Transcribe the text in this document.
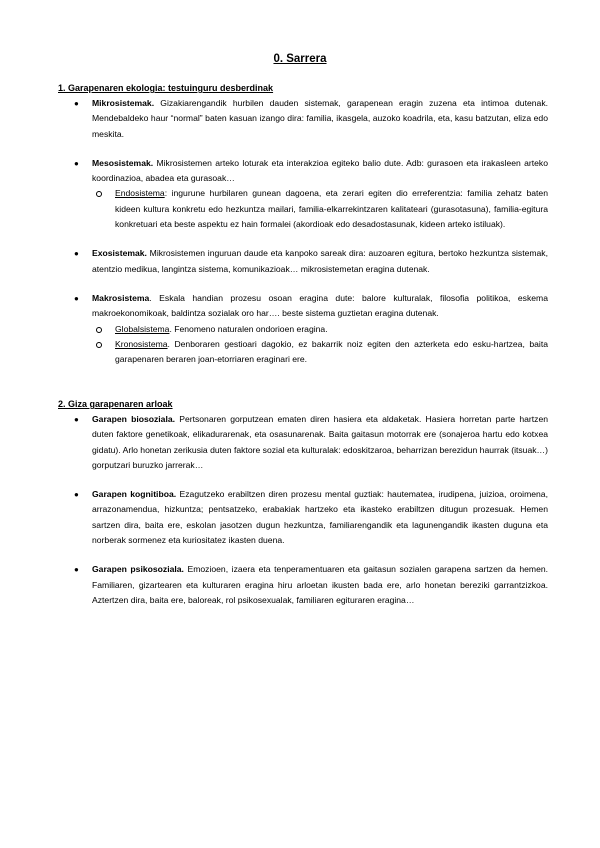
0. Sarrera

1. Garapenaren ekologia: testuinguru desberdinak

● Mikrosistemak. Gizakiarengandik hurbilen dauden sistemak, garapenean eragin zuzena eta intimoa dutenak. Mendebaldeko haur “normal” baten kasuan izango dira: familia, ikasgela, auzoko koadrila, eta, kasu batzutan, eliza edo meskita.
● Mesosistemak. Mikrosistemen arteko loturak eta interakzioa egiteko balio dute. Adb: gurasoen eta irakasleen arteko koordinazioa, abadea eta gurasoak…
Endosistema: ingurune hurbilaren gunean dagoena, eta zerari egiten dio erreferentzia: familia zehatz baten kideen kultura konkretu edo hezkuntza mailari, familia-elkarrekintzaren kalitateari (gurasotasuna), familia-egitura konkretuari eta beste aspektu ez hain formalei (akordioak edo desadostasunak, kideen arteko istiluak).
● Exosistemak. Mikrosistemen inguruan daude eta kanpoko sareak dira: auzoaren egitura, bertoko hezkuntza sistemak, atentzio medikua, langintza sistema, komunikazioak… mikrosistemetan eragina dutenak.
● Makrosistema. Eskala handian prozesu osoan eragina dute: balore kulturalak, filosofia politikoa, eskema makroekonomikoak, baldintza sozialak oro har…. beste sistema guztietan eragina dutenak.
Globalsistema. Fenomeno naturalen ondorioen eragina.
Kronosistema. Denboraren gestioari dagokio, ez bakarrik noiz egiten den azterketa edo esku-hartzea, baita garapenaren beraren joan-etorriaren eraginari ere.

2. Giza garapenaren arloak

● Garapen biosoziala. Pertsonaren gorputzean ematen diren hasiera eta aldaketak. Hasiera horretan parte hartzen duten faktore genetikoak, elikadurarenak, eta osasunarenak. Baita gaitasun motorrak ere (sonajeroa hartu edo kotxea gidatu). Arlo honetan zerikusia duten faktore sozial eta kulturalak: edoskitzaroa, beharrizan berezidun haurrak (itsuak…) gorputzari buruzko jarrerak…
● Garapen kognitiboa. Ezagutzeko erabiltzen diren prozesu mental guztiak: hautematea, irudipena, juizioa, oroimena, arrazonamendua, hizkuntza; pentsatzeko, erabakiak hartzeko eta ikasteko erabiltzen ditugun prozesuak. Hemen sartzen dira, baita ere, eskolan jasotzen dugun hezkuntza, familiarengandik eta lagunengandik ikasten duguna eta norberak sormenez eta kuriositatez ikasten duena.
● Garapen psikosoziala. Emozioen, izaera eta tenperamentuaren eta gaitasun sozialen garapena sartzen da hemen. Familiaren, gizartearen eta kulturaren eragina hiru arloetan ikusten bada ere, arlo honetan bereziki garrantzizkoa. Aztertzen dira, baita ere, baloreak, rol psikosexualak, familiaren egituraren eragina…
